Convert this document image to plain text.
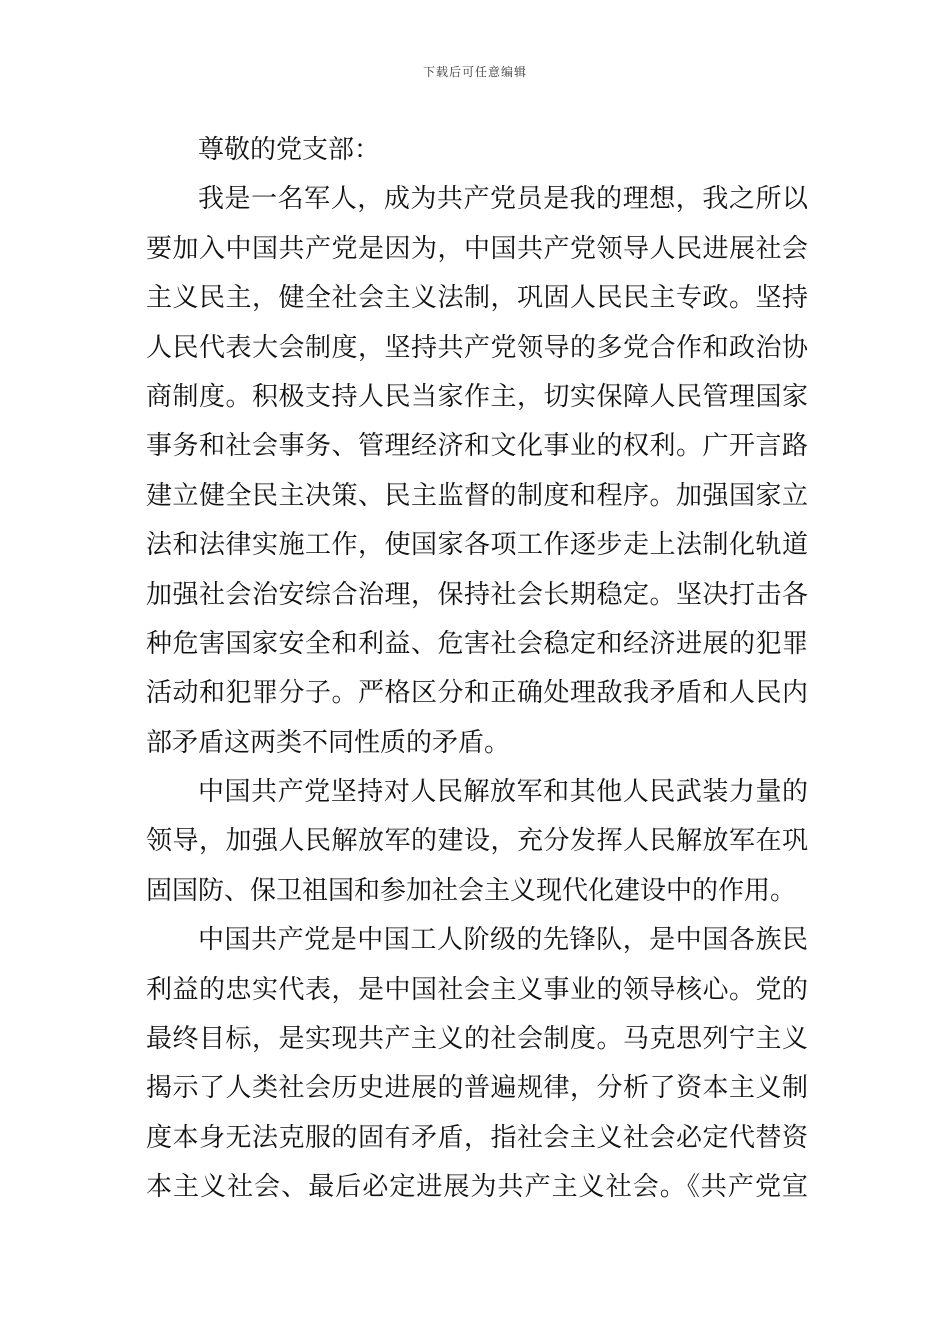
下载后可任意编辑
尊敬的党支部：
我是一名军人，成为共产党员是我的理想，我之所以
要加入中国共产党是因为，中国共产党领导人民进展社会
主义民主，健全社会主义法制，巩固人民民主专政。坚持
人民代表大会制度，坚持共产党领导的多党合作和政治协
商制度。积极支持人民当家作主，切实保障人民管理国家
事务和社会事务、管理经济和文化事业的权利。广开言路
建立健全民主决策、民主监督的制度和程序。加强国家立
法和法律实施工作，使国家各项工作逐步走上法制化轨道
加强社会治安综合治理，保持社会长期稳定。坚决打击各
种危害国家安全和利益、危害社会稳定和经济进展的犯罪
活动和犯罪分子。严格区分和正确处理敌我矛盾和人民内
部矛盾这两类不同性质的矛盾。
中国共产党坚持对人民解放军和其他人民武装力量的
领导，加强人民解放军的建设，充分发挥人民解放军在巩
固国防、保卫祖国和参加社会主义现代化建设中的作用。
中国共产党是中国工人阶级的先锋队，是中国各族民
利益的忠实代表，是中国社会主义事业的领导核心。党的
最终目标，是实现共产主义的社会制度。马克思列宁主义
揭示了人类社会历史进展的普遍规律，分析了资本主义制
度本身无法克服的固有矛盾，指社会主义社会必定代替资
本主义社会、最后必定进展为共产主义社会。《共产党宣
